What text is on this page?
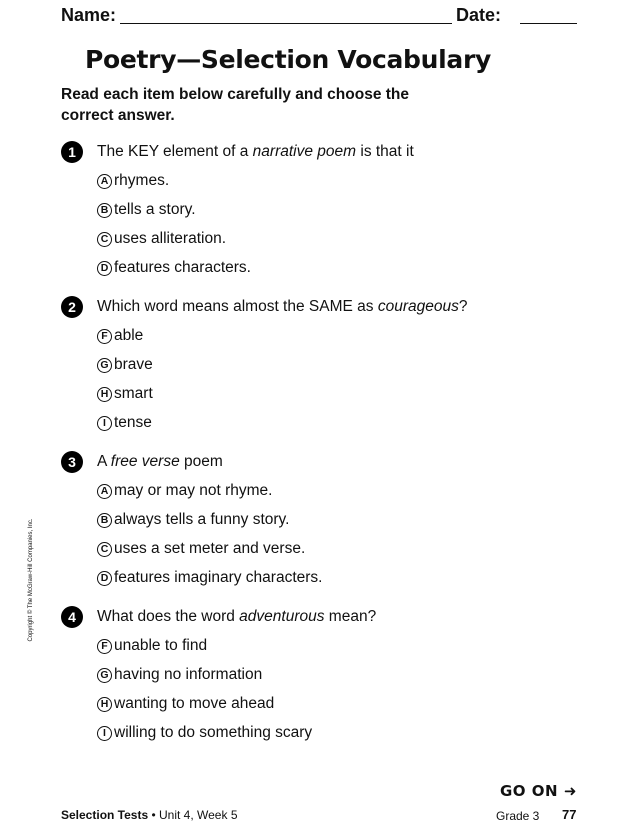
Name:	Date:
Poetry—Selection Vocabulary
Read each item below carefully and choose the correct answer.
1	The KEY element of a narrative poem is that it
A rhymes.
B tells a story.
C uses alliteration.
D features characters.
2	Which word means almost the SAME as courageous?
F able
G brave
H smart
I tense
3	A free verse poem
A may or may not rhyme.
B always tells a funny story.
C uses a set meter and verse.
D features imaginary characters.
4	What does the word adventurous mean?
F unable to find
G having no information
H wanting to move ahead
I willing to do something scary
Copyright © The McGraw-Hill Companies, Inc.
GO ON ➜
Selection Tests • Unit 4, Week 5	Grade 3 77
